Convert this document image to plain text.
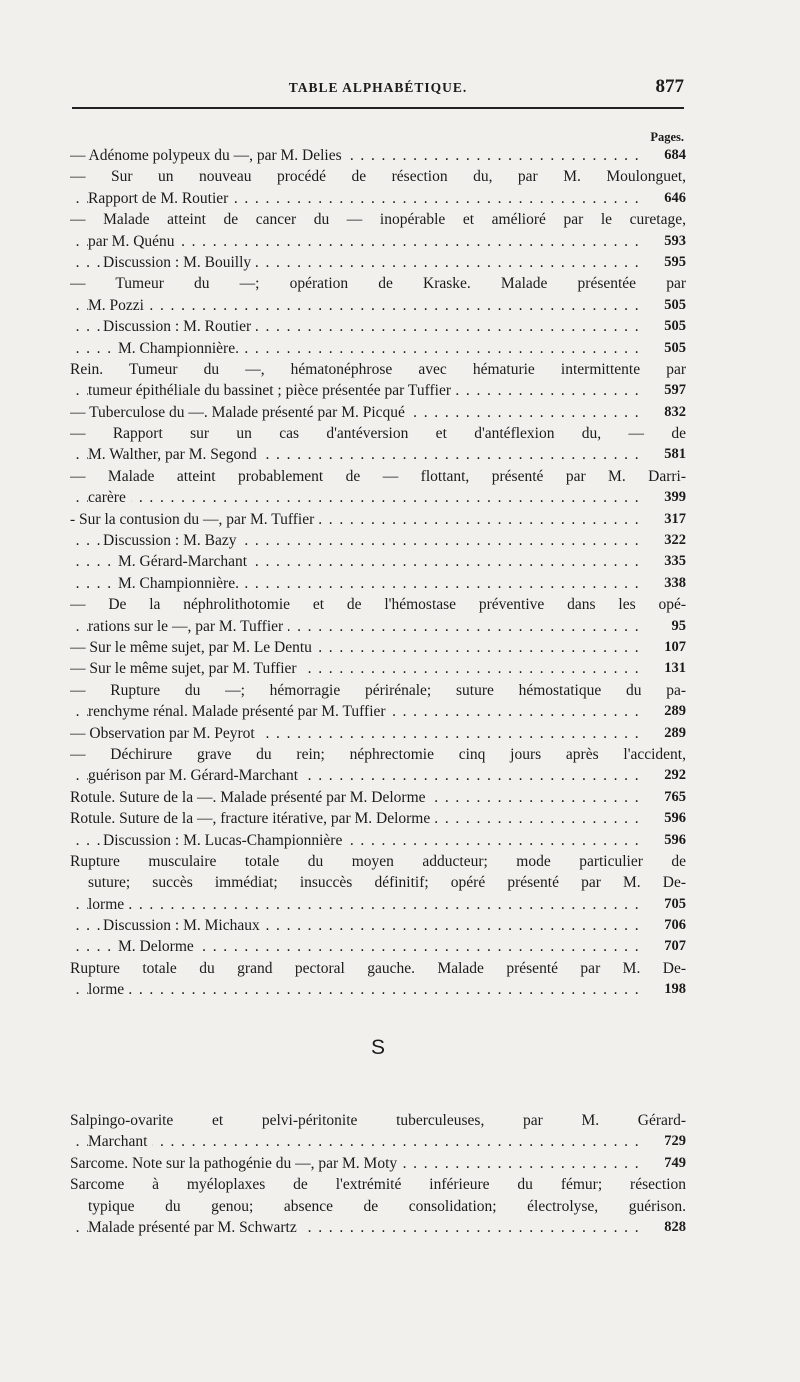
TABLE ALPHABÉTIQUE.	877
Pages.
. . . — Adénome polypeux du —, par M. Delies	684
— Sur un nouveau procédé de résection du, par M. Moulonguet,
. . . Rapport de M. Routier	646
— Malade atteint de cancer du — inopérable et amélioré par le curetage,
. . . par M. Quénu	593
. . . Discussion : M. Bouilly	595
— Tumeur du —; opération de Kraske. Malade présentée par
. . . M. Pozzi	505
. . . Discussion : M. Routier	505
. . . M. Championnière.	505
Rein. Tumeur du —, hématonéphrose avec hématurie intermittente par
. . . tumeur épithéliale du bassinet ; pièce présentée par Tuffier	597
. . . — Tuberculose du —. Malade présenté par M. Picqué	832
— Rapport sur un cas d'antéversion et d'antéflexion du, — de
. . . M. Walther, par M. Segond	581
— Malade atteint probablement de — flottant, présenté par M. Darri-
. . . carère	399
. . . - Sur la contusion du —, par M. Tuffier	317
. . . Discussion : M. Bazy	322
. . . M. Gérard-Marchant	335
. . . M. Championnière.	338
— De la néphrolithotomie et de l'hémostase préventive dans les opé-
. . . rations sur le —, par M. Tuffier	95
. . . — Sur le même sujet, par M. Le Dentu	107
. . . — Sur le même sujet, par M. Tuffier	131
— Rupture du —; hémorragie périrénale; suture hémostatique du pa-
. . . renchyme rénal. Malade présenté par M. Tuffier	289
. . . — Observation par M. Peyrot	289
— Déchirure grave du rein; néphrectomie cinq jours après l'accident,
. . . guérison par M. Gérard-Marchant	292
. . . Rotule. Suture de la —. Malade présenté par M. Delorme	765
. . . Rotule. Suture de la —, fracture itérative, par M. Delorme	596
. . . Discussion : M. Lucas-Championnière	596
Rupture musculaire totale du moyen adducteur; mode particulier de
suture; succès immédiat; insuccès définitif; opéré présenté par M. De-
. . . lorme	705
. . . Discussion : M. Michaux	706
. . . M. Delorme	707
Rupture totale du grand pectoral gauche. Malade présenté par M. De-
. . . lorme	198
S
Salpingo-ovarite et pelvi-péritonite tuberculeuses, par M. Gérard-
. . . Marchant	729
. . . Sarcome. Note sur la pathogénie du —, par M. Moty	749
Sarcome à myéloplaxes de l'extrémité inférieure du fémur; résection
typique du genou; absence de consolidation; électrolyse, guérison.
. . . Malade présenté par M. Schwartz	828
